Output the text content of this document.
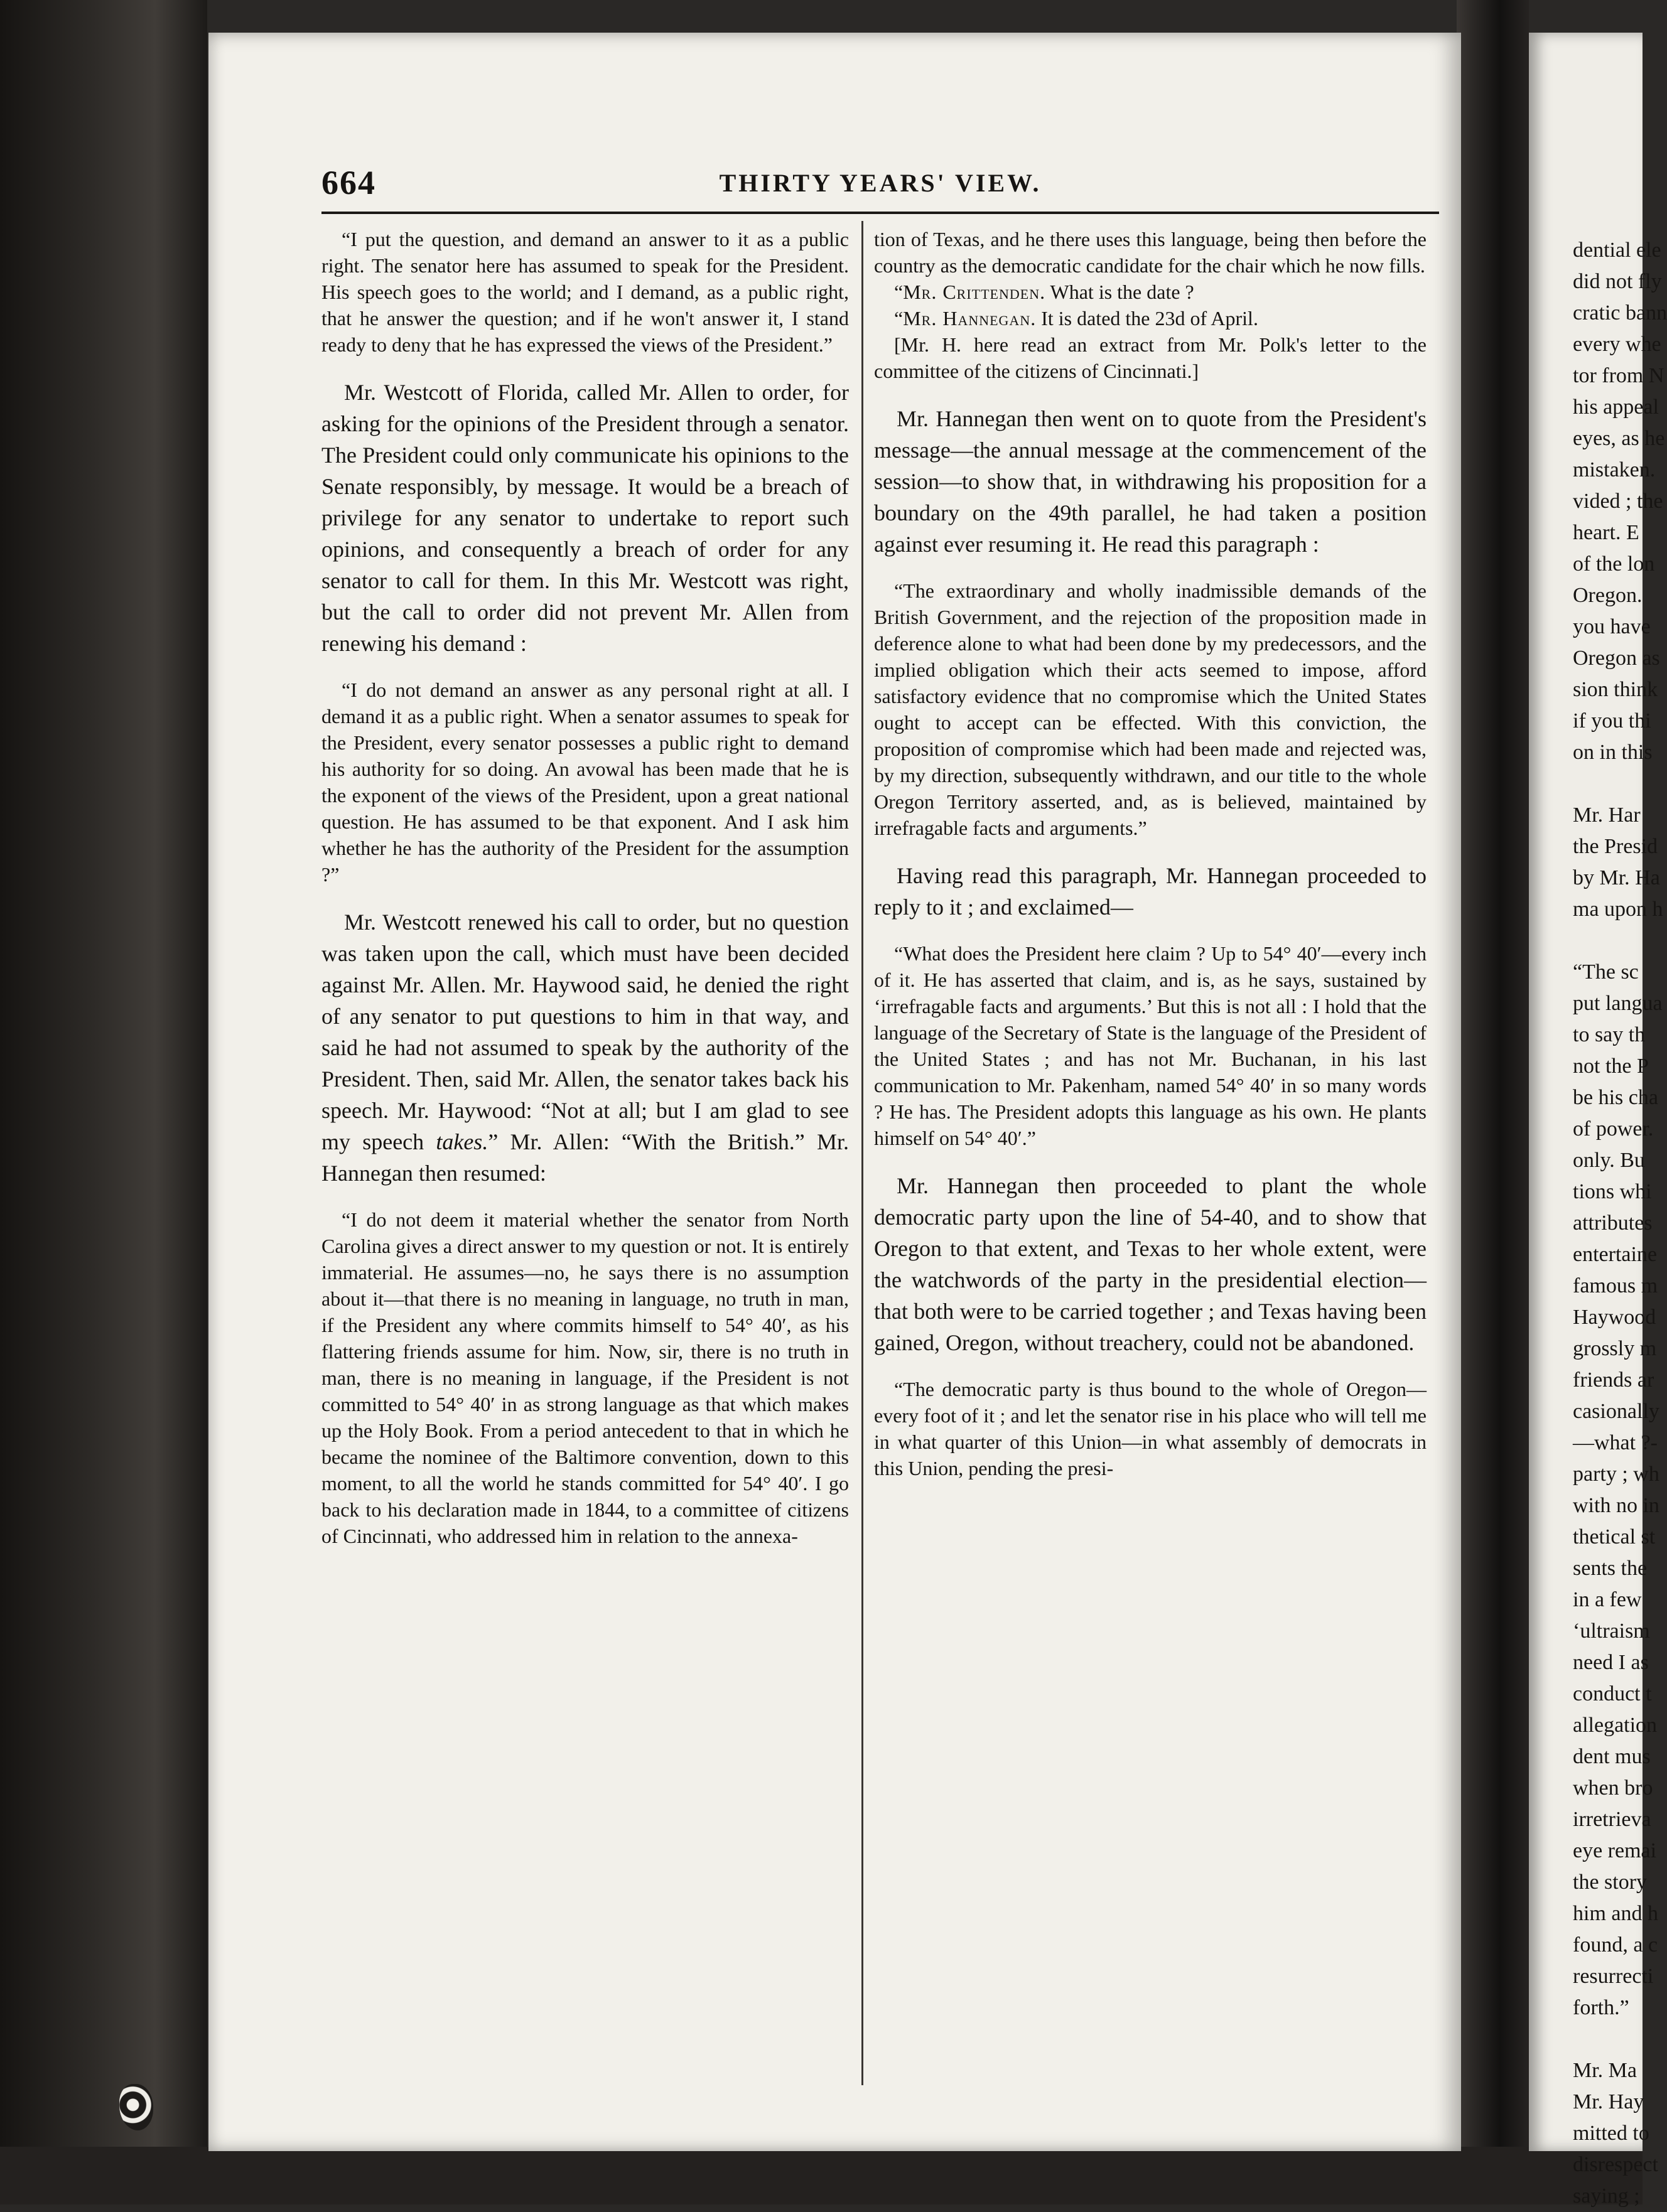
664	THIRTY YEARS' VIEW.

“I put the question, and demand an answer to it as a public right. The senator here has assumed to speak for the President. His speech goes to the world; and I demand, as a public right, that he answer the question; and if he won't answer it, I stand ready to deny that he has expressed the views of the President.”

Mr. Westcott of Florida, called Mr. Allen to order, for asking for the opinions of the President through a senator. The President could only communicate his opinions to the Senate responsibly, by message. It would be a breach of privilege for any senator to undertake to report such opinions, and consequently a breach of order for any senator to call for them. In this Mr. Westcott was right, but the call to order did not prevent Mr. Allen from renewing his demand :

“I do not demand an answer as any personal right at all. I demand it as a public right. When a senator assumes to speak for the President, every senator possesses a public right to demand his authority for so doing. An avowal has been made that he is the exponent of the views of the President, upon a great national question. He has assumed to be that exponent. And I ask him whether he has the authority of the President for the assumption ?”

Mr. Westcott renewed his call to order, but no question was taken upon the call, which must have been decided against Mr. Allen. Mr. Haywood said, he denied the right of any senator to put questions to him in that way, and said he had not assumed to speak by the authority of the President. Then, said Mr. Allen, the senator takes back his speech. Mr. Haywood: “Not at all; but I am glad to see my speech takes.” Mr. Allen: “With the British.” Mr. Hannegan then resumed:

“I do not deem it material whether the senator from North Carolina gives a direct answer to my question or not. It is entirely immaterial. He assumes—no, he says there is no assumption about it—that there is no meaning in language, no truth in man, if the President any where commits himself to 54° 40′, as his flattering friends assume for him. Now, sir, there is no truth in man, there is no meaning in language, if the President is not committed to 54° 40′ in as strong language as that which makes up the Holy Book. From a period antecedent to that in which he became the nominee of the Baltimore convention, down to this moment, to all the world he stands committed for 54° 40′. I go back to his declaration made in 1844, to a committee of citizens of Cincinnati, who addressed him in relation to the annexa-

tion of Texas, and he there uses this language, being then before the country as the democratic candidate for the chair which he now fills.

“Mr. Crittenden. What is the date ?

“Mr. Hannegan. It is dated the 23d of April.

[Mr. H. here read an extract from Mr. Polk's letter to the committee of the citizens of Cincinnati.]

Mr. Hannegan then went on to quote from the President's message—the annual message at the commencement of the session—to show that, in withdrawing his proposition for a boundary on the 49th parallel, he had taken a position against ever resuming it. He read this paragraph :

“The extraordinary and wholly inadmissible demands of the British Government, and the rejection of the proposition made in deference alone to what had been done by my predecessors, and the implied obligation which their acts seemed to impose, afford satisfactory evidence that no compromise which the United States ought to accept can be effected. With this conviction, the proposition of compromise which had been made and rejected was, by my direction, subsequently withdrawn, and our title to the whole Oregon Territory asserted, and, as is believed, maintained by irrefragable facts and arguments.”

Having read this paragraph, Mr. Hannegan proceeded to reply to it ; and exclaimed—

“What does the President here claim ? Up to 54° 40′—every inch of it. He has asserted that claim, and is, as he says, sustained by ‘irrefragable facts and arguments.’ But this is not all : I hold that the language of the Secretary of State is the language of the President of the United States ; and has not Mr. Buchanan, in his last communication to Mr. Pakenham, named 54° 40′ in so many words ? He has. The President adopts this language as his own. He plants himself on 54° 40′.”

Mr. Hannegan then proceeded to plant the whole democratic party upon the line of 54-40, and to show that Oregon to that extent, and Texas to her whole extent, were the watchwords of the party in the presidential election—that both were to be carried together ; and Texas having been gained, Oregon, without treachery, could not be abandoned.

“The democratic party is thus bound to the whole of Oregon—every foot of it ; and let the senator rise in his place who will tell me in what quarter of this Union—in what assembly of democrats in this Union, pending the presi-

dential ele
did not fly
cratic bann
every whe
tor from N
his appeal
eyes, as he
mistaken.
vided ; the
heart. E
of the lon
Oregon.
you have
Oregon as
sion think
if you thi
on in this

Mr. Har
the Presid
by Mr. Ha
ma upon h

“The sc
put langua
to say th
not the P
be his cha
of power.
only. Bu
tions whi
attributes
entertaine
famous m
Haywood
grossly m
friends ar
casionally
—what ?-
party ; wh
with no in
thetical st
sents the
in a few
‘ultraism
need I as
conduct t
allegation
dent mus
when bro
irretrieva
eye remai
the story
him and h
found, a c
resurrecti
forth.”

Mr. Ma
Mr. Hay
mitted to
disrespect
saying ;
